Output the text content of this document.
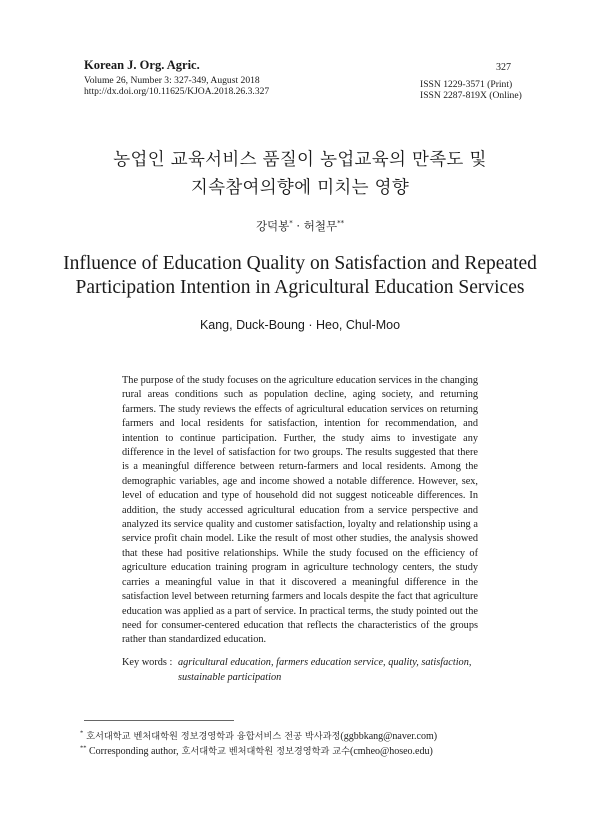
Korean J. Org. Agric.
Volume 26, Number 3: 327-349, August 2018
http://dx.doi.org/10.11625/KJOA.2018.26.3.327
327
ISSN 1229-3571 (Print)
ISSN 2287-819X (Online)
농업인 교육서비스 품질이 농업교육의 만족도 및
지속참여의향에 미치는 영향
강덕봉* · 허철무**
Influence of Education Quality on Satisfaction and Repeated
Participation Intention in Agricultural Education Services
Kang, Duck-Boung · Heo, Chul-Moo
The purpose of the study focuses on the agriculture education services in the changing rural areas conditions such as population decline, aging society, and returning farmers. The study reviews the effects of agricultural education services on returning farmers and local residents for satisfaction, intention for recommendation, and intention to continue participation. Further, the study aims to investigate any difference in the level of satisfaction for two groups. The results suggested that there is a meaningful difference between return-farmers and local residents. Among the demographic variables, age and income showed a notable difference. However, sex, level of education and type of household did not suggest noticeable differences. In addition, the study accessed agricultural education from a service perspective and analyzed its service quality and customer satisfaction, loyalty and relationship using a service profit chain model. Like the result of most other studies, the analysis showed that these had positive relationships. While the study focused on the efficiency of agriculture education training program in agriculture technology centers, the study carries a meaningful value in that it discovered a meaningful difference in the satisfaction level between returning farmers and locals despite the fact that agriculture education was applied as a part of service. In practical terms, the study pointed out the need for consumer-centered education that reflects the characteristics of the groups rather than standardized education.
Key words : agricultural education, farmers education service, quality, satisfaction, sustainable participation
* 호서대학교 벤처대학원 정보경영학과 융합서비스 전공 박사과정(ggbbkang@naver.com)
** Corresponding author, 호서대학교 벤처대학원 정보경영학과 교수(cmheo@hoseo.edu)
